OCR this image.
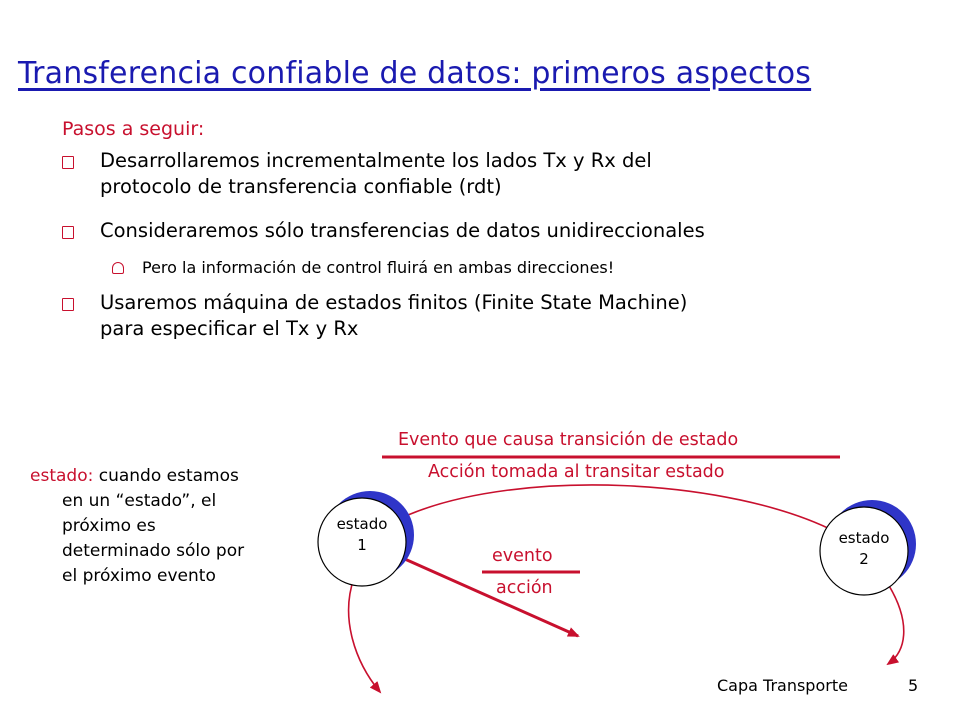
Transferencia confiable de datos: primeros aspectos
Pasos a seguir:
Desarrollaremos incrementalmente los lados Tx y Rx del
protocolo de transferencia confiable (rdt)
Consideraremos sólo transferencias de datos unidireccionales
Pero la información de control fluirá en ambas direcciones!
Usaremos máquina de estados finitos (Finite State Machine)
para especificar el Tx y Rx
estado: cuando estamos
en un “estado”, el
próximo es
determinado sólo por
el próximo evento
Evento que causa transición de estado
Acción tomada al transitar estado
evento
acción
estado
1	estado
2
Capa Transporte	5
